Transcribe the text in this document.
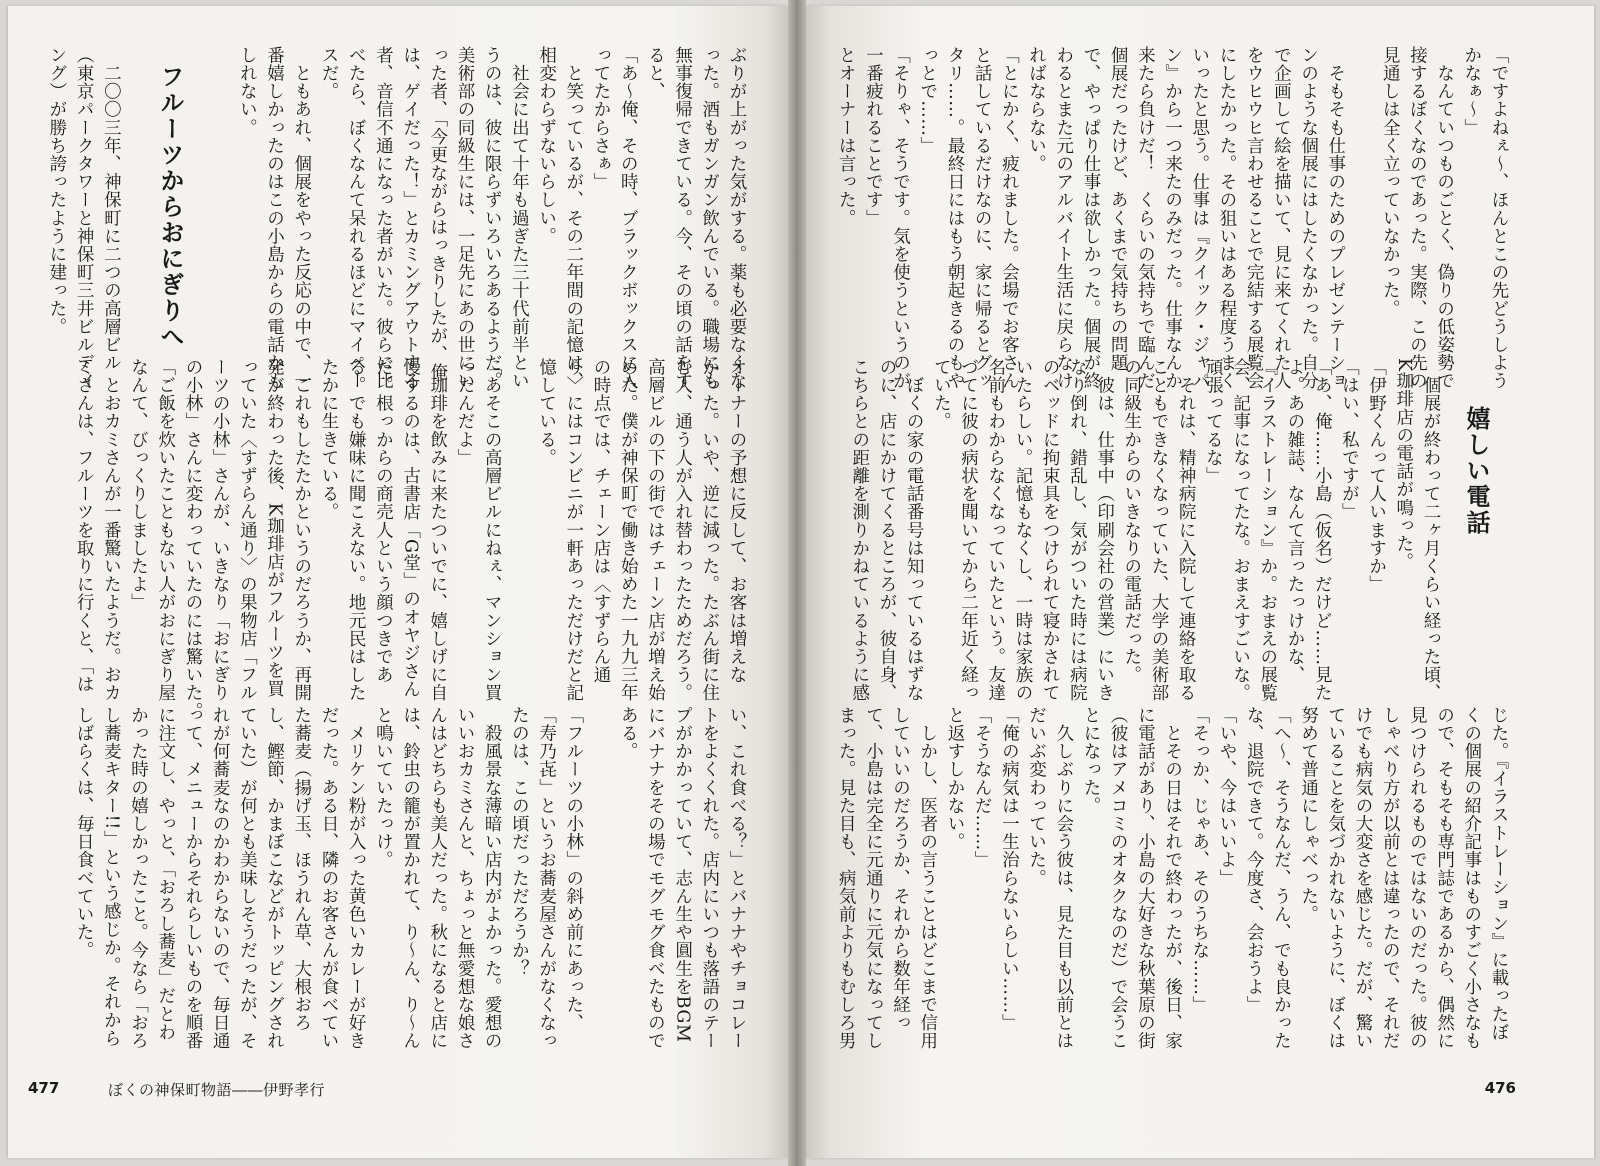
ぶりが上がった気がする。薬も必要なくな
った。酒もガンガン飲んでいる。職場にも
無事復帰できている。今、その頃の話をす
ると、
「あ～俺、その時、ブラックボックスに入
ってたからさぁ」
　と笑っているが、その二年間の記憶は、
相変わらずないらしい。
　社会に出て十年も過ぎた三十代前半とい
うのは、彼に限らずいろいろあるようだ。
美術部の同級生には、一足先にあの世にい
った者、「今更ながらはっきりしたが、俺
は、ゲイだった！」とカミングアウトする
者、音信不通になった者がいた。彼らに比
べたら、ぼくなんて呆れるほどにマイペー
スだ。
　ともあれ、個展をやった反応の中で、一
番嬉しかったのはこの小島からの電話かも
しれない。

　二〇〇三年、神保町に二つの高層ビル
（東京パークタワーと神保町三井ビルディ
ング）が勝ち誇ったように建った。	フルーツからおにぎりへ
オーナーの予想に反して、お客は増えな
かった。いや、逆に減った。たぶん街に住
む人、通う人が入れ替わったためだろう。
高層ビルの下の街ではチェーン店が増え始
めた。僕が神保町で働き始めた一九九三年
の時点では、チェーン店は〈すずらん通
り〉にはコンビニが一軒あっただけだと記
憶している。

「あそこの高層ビルにねぇ、マンション買
ったんだよ」
　珈琲を飲みに来たついでに、嬉しげに自
慢するのは、古書店「G堂」のオヤジさん
だ。根っからの商売人という顔つきであ
る。でも嫌味に聞こえない。地元民はした
たかに生きている。
　これもしたたかというのだろうか、再開
発が終わった後、K珈琲店がフルーツを買
っていた〈すずらん通り〉の果物店「フル
ーツの小林」さんが、いきなり「おにぎり
の小林」さんに変わっていたのには驚いた。
「ご飯を炊いたこともない人がおにぎり屋
なんて、びっくりしましたよ」
　とおカミさんが一番驚いたようだ。おカ
ミさんは、フルーツを取りに行くと、「は
い、これ食べる？」とバナナやチョコレー
トをよくくれた。店内にいつも落語のテー
プがかかっていて、志ん生や圓生をBGM
にバナナをその場でモグモグ食べたもので
ある。

「フルーツの小林」の斜め前にあった、
「寿乃㐂」というお蕎麦屋さんがなくなっ
たのは、この頃だっただろうか？
　殺風景な薄暗い店内がよかった。愛想の
いいおカミさんと、ちょっと無愛想な娘さ
んはどちらも美人だった。秋になると店に
は、鈴虫の籠が置かれて、り～ん、り～ん
と鳴いていたっけ。
　メリケン粉が入った黄色いカレーが好き
だった。ある日、隣のお客さんが食べてい
た蕎麦（揚げ玉、ほうれん草、大根おろ
し、鰹節、かまぼこなどがトッピングされ
ていた）が何とも美味しそうだったが、そ
れが何蕎麦なのかわからないので、毎日通
って、メニューからそれらしいものを順番
に注文し、やっと、「おろし蕎麦」だとわ
かった時の嬉しかったこと。今なら「おろ
し蕎麦キター!!」という感じか。それから
しばらくは、毎日食べていた。
477	ぼくの神保町物語――伊野孝行
「ですよねぇ～、ほんとこの先どうしよう
かなぁ～」
　なんていつものごとく、偽りの低姿勢で
接するぼくなのであった。実際、この先の
見通しは全く立っていなかった。

　そもそも仕事のためのプレゼンテーショ
ンのような個展にはしたくなかった。自分
で企画して絵を描いて、見に来てくれた人
をウヒウヒ言わせることで完結する展覧会
にしたかった。その狙いはある程度うまく
いったと思う。仕事は『クイック・ジャパ
ン』から一つ来たのみだった。仕事なんか
来たら負けだ！　くらいの気持ちで臨んだ
個展だったけど、あくまで気持ちの問題
で、やっぱり仕事は欲しかった。個展が終
わるとまた元のアルバイト生活に戻らなけ
ればならない。
「とにかく、疲れました。会場でお客さん
と話しているだけなのに、家に帰るとグッ
タリ……。最終日にはもう朝起きるのもや
っとで……」
「そりゃ、そうです。気を使うというのが
一番疲れることです」
とオーナーは言った。
嬉しい電話
　個展が終わって二ヶ月くらい経った頃、
K珈琲店の電話が鳴った。
「伊野くんって人いますか」
「はい、私ですが」
「あ、俺……小島（仮名）だけど……見た
よ。あの雑誌、なんて言ったっけかな、
『イラストレーション』か。おまえの展覧
会、記事になってたな。おまえすごいな。
頑張ってるな」
　それは、精神病院に入院して連絡を取る
こともできなくなっていた、大学の美術部
の同級生からのいきなりの電話だった。
　彼は、仕事中（印刷会社の営業）にいき
なり倒れ、錯乱し、気がついた時には病院
のベッドに拘束具をつけられて寝かされて
いたらしい。記憶もなくし、一時は家族の
名前もわからなくなっていたという。友達
づてに彼の病状を聞いてから二年近く経っ
ていた。
　ぼくの家の電話番号は知っているはずな
のに、店にかけてくるところが、彼自身、
こちらとの距離を測りかねているように感
じた。『イラストレーション』に載ったぼ
くの個展の紹介記事はものすごく小さなも
ので、そもそも専門誌であるから、偶然に
見つけられるものではないのだった。彼の
しゃべり方が以前とは違ったので、それだ
けでも病気の大変さを感じた。だが、驚い
ていることを気づかれないように、ぼくは
努めて普通にしゃべった。
「へ～、そうなんだ、うん、でも良かった
な、退院できて。今度さ、会おうよ」
「いや、今はいいよ」
「そっか、じゃあ、そのうちな……」
　とその日はそれで終わったが、後日、家
に電話があり、小島の大好きな秋葉原の街
（彼はアメコミのオタクなのだ）で会うこ
とになった。
　久しぶりに会う彼は、見た目も以前とは
だいぶ変わっていた。
「俺の病気は一生治らないらしい……」
「そうなんだ……」
と返すしかない。
　しかし、医者の言うことはどこまで信用
していいのだろうか、それから数年経っ
て、小島は完全に元通りに元気になってし
まった。見た目も、病気前よりもむしろ男
476
